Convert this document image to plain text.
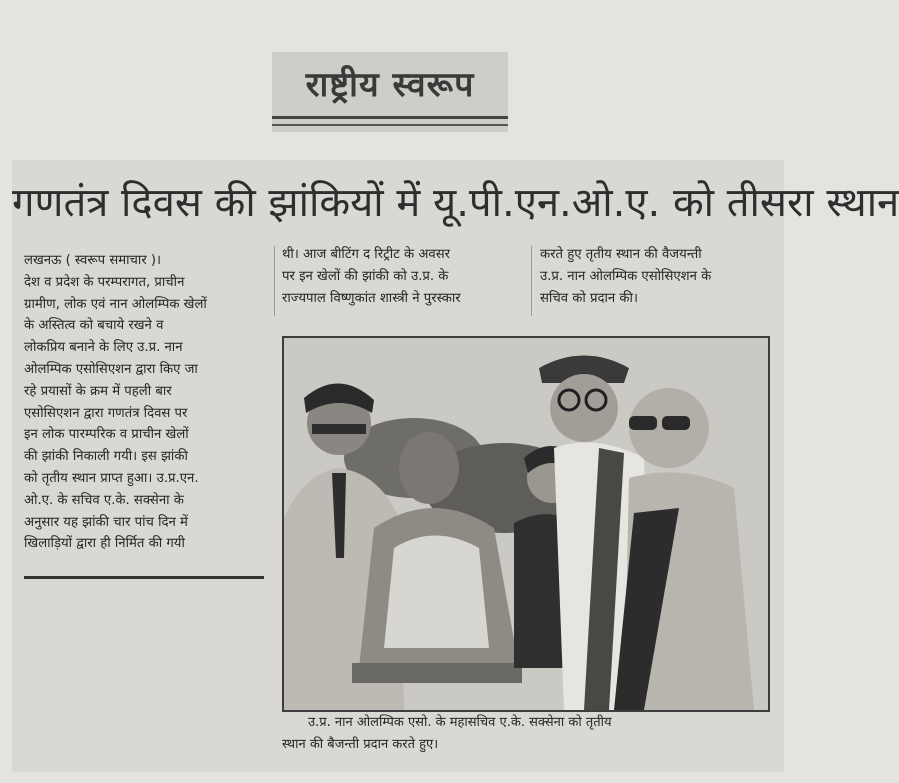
राष्ट्रीय स्वरूप
गणतंत्र दिवस की झांकियों में यू.पी.एन.ओ.ए. को तीसरा स्थान

लखनऊ ( स्वरूप समाचार )।

देश व प्रदेश के परम्परागत, प्राचीन

ग्रामीण, लोक एवं नान ओलम्पिक खेलों

के अस्तित्व को बचाये रखने व

लोकप्रिय बनाने के लिए उ.प्र. नान

ओलम्पिक एसोसिएशन द्वारा किए जा

रहे प्रयासों के क्रम में पहली बार

एसोसिएशन द्वारा गणतंत्र दिवस पर

इन लोक पारम्परिक व प्राचीन खेलों

की झांकी निकाली गयी। इस झांकी

को तृतीय स्थान प्राप्त हुआ। उ.प्र.एन.

ओ.ए. के सचिव ए.के. सक्सेना के

अनुसार यह झांकी चार पांच दिन में

खिलाड़ियों द्वारा ही निर्मित की गयी

थी। आज बीटिंग द रिट्रीट के अवसर

पर इन खेलों की झांकी को उ.प्र. के

राज्यपाल विष्णुकांत शास्त्री ने पुरस्कार

करते हुए तृतीय स्थान की वैजयन्ती

उ.प्र. नान ओलम्पिक एसोसिएशन के

सचिव को प्रदान की।

उ.प्र. नान ओलम्पिक एसो. के महासचिव ए.के. सक्सेना को तृतीय

स्थान की बैजन्ती प्रदान करते हुए।
